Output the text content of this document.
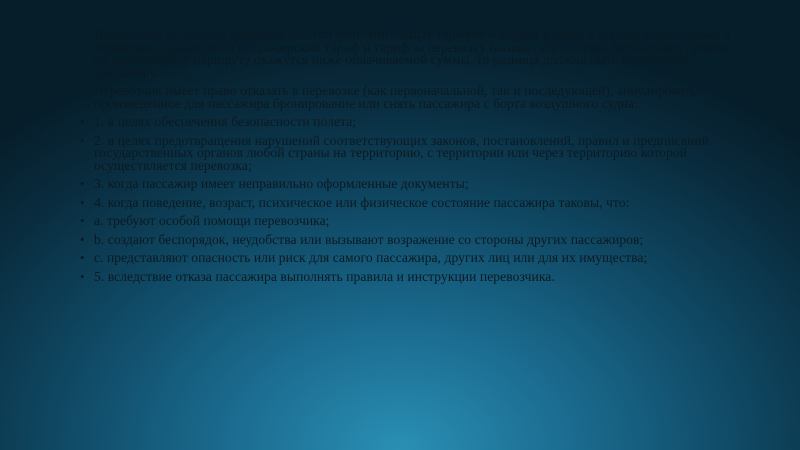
• Перевозчик не должен требовать оплаты дополнительных тарифов и сборов в связи с такими изменениями в перевозке. Однако, если пассажирский тариф и тариф за перевозку багажа сверх нормы бесплатного провоза по измененному маршруту окажутся ниже оплачиваемой суммы, то разница должна быть возвращена пассажиру.
• Перевозчик имеет право отказать в перевозке (как первоначальной, так и последующей), аннулировать произведенное для пассажира бронирование или снять пассажира с борта воздушного судна:
• 1. в целях обеспечения безопасности полета;
• 2. в целях предотвращения нарушений соответствующих законов, постановлений, правил и предписаний государственных органов любой страны на территорию, с территории или через территорию которой осуществляется перевозка;
• 3. когда пассажир имеет неправильно оформленные документы;
• 4. когда поведение, возраст, психическое или физическое состояние пассажира таковы, что:
• a. требуют особой помощи перевозчика;
• b. создают беспорядок, неудобства или вызывают возражение со стороны других пассажиров;
• c. представляют опасность или риск для самого пассажира, других лиц или для их имущества;
• 5. вследствие отказа пассажира выполнять правила и инструкции перевозчика.
